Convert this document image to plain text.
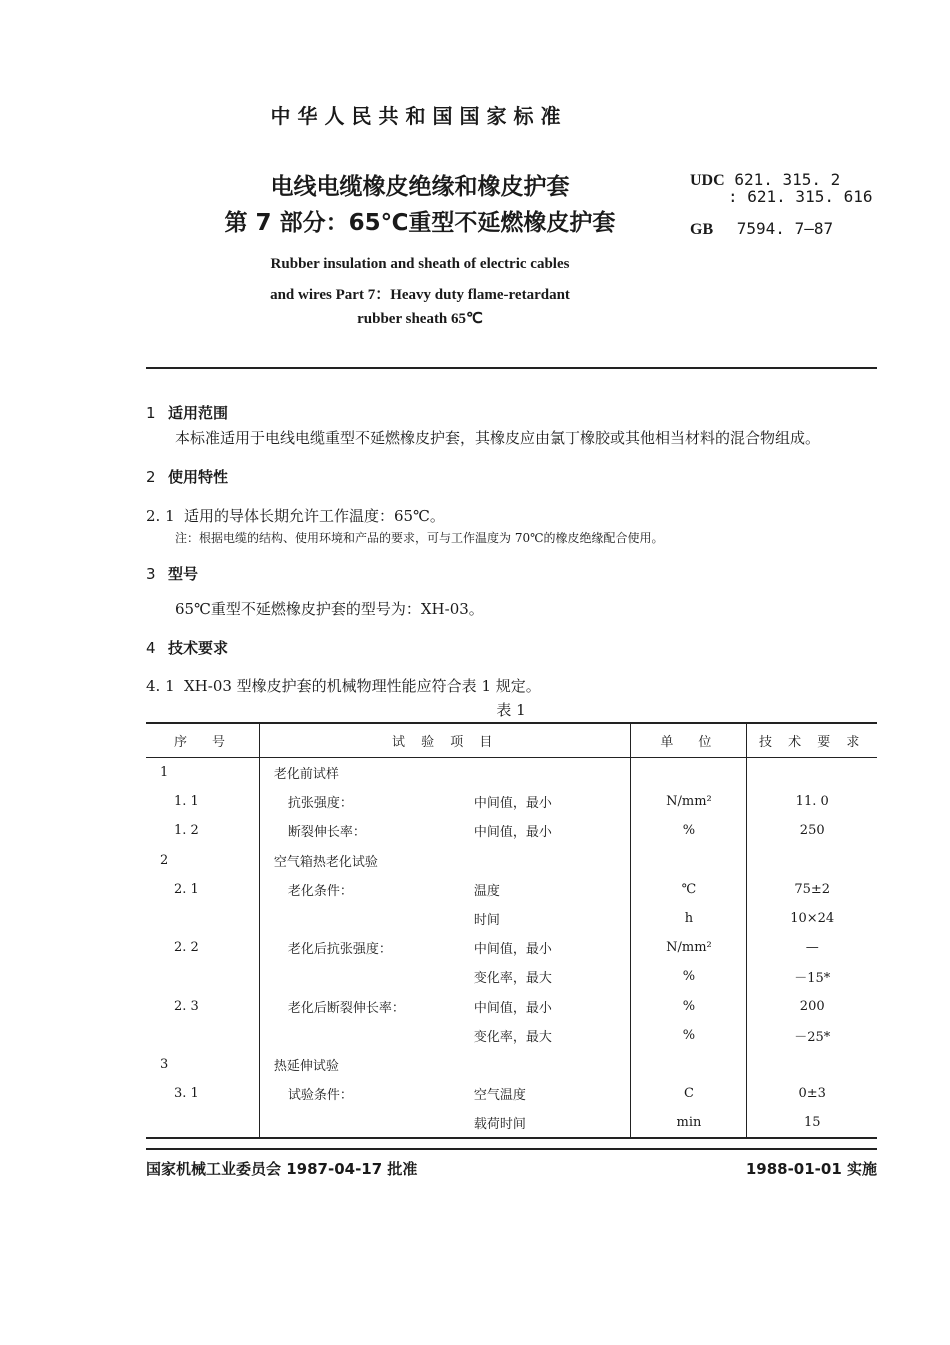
中华人民共和国国家标准
电线电缆橡皮绝缘和橡皮护套
第 7 部分：65℃重型不延燃橡皮护套
UDC 621. 315. 2
: 621. 315. 616
GB 7594. 7—87
Rubber insulation and sheath of electric cables
and wires Part 7：Heavy duty flame-retardant
rubber sheath 65℃
1 适用范围
本标准适用于电线电缆重型不延燃橡皮护套，其橡皮应由氯丁橡胶或其他相当材料的混合物组成。
2 使用特性
2. 1 适用的导体长期允许工作温度：65℃。
注：根据电缆的结构、使用环境和产品的要求，可与工作温度为 70℃的橡皮绝缘配合使用。
3 型号
65℃重型不延燃橡皮护套的型号为：XH-03。
4 技术要求
4. 1 XH-03 型橡皮护套的机械物理性能应符合表 1 规定。
表 1
序　号	试 验 项 目	单　位	技 术 要 求
1	老化前试样		
1. 1	抗张强度： 中间值，最小	N/mm²	11. 0
1. 2	断裂伸长率： 中间值，最小	%	250
2	空气箱热老化试验		
2. 1	老化条件： 温度	℃	75±2
	时间	h	10×24
2. 2	老化后抗张强度： 中间值，最小	N/mm²	—
	变化率，最大	%	－15*
2. 3	老化后断裂伸长率： 中间值，最小	%	200
	变化率，最大	%	－25*
3	热延伸试验		
3. 1	试验条件： 空气温度	C	0±3
	载荷时间	min	15
国家机械工业委员会 1987-04-17 批准	1988-01-01 实施
